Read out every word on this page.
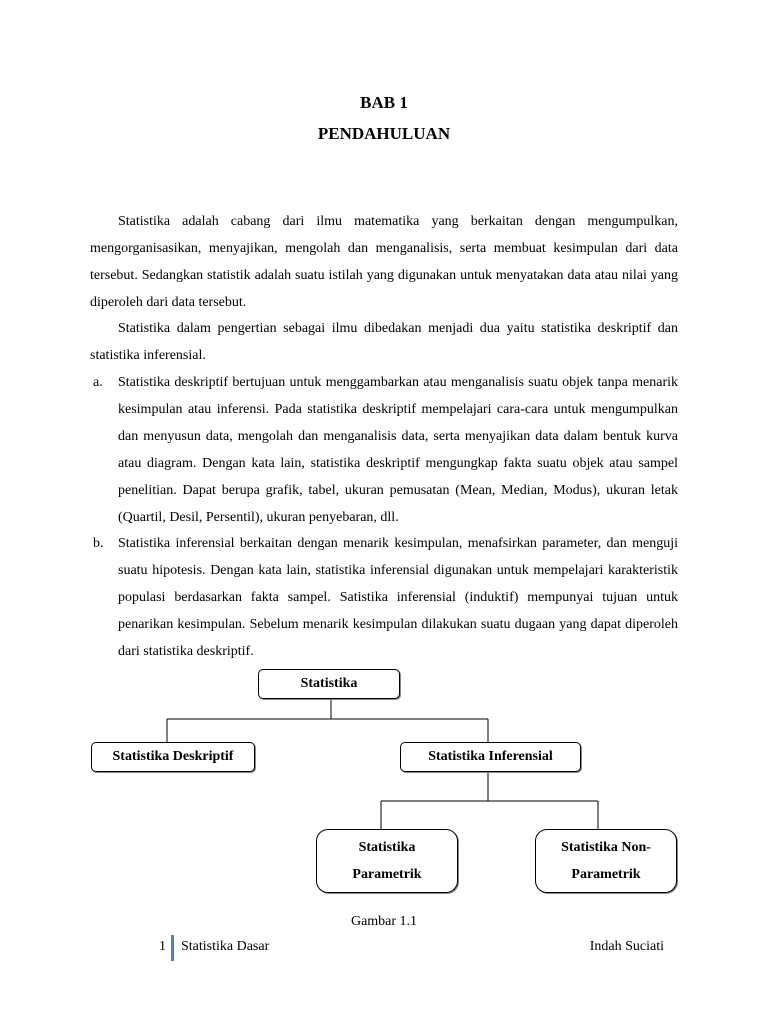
BAB 1
PENDAHULUAN

Statistika adalah cabang dari ilmu matematika yang berkaitan dengan mengumpulkan, mengorganisasikan, menyajikan, mengolah dan menganalisis, serta membuat kesimpulan dari data tersebut. Sedangkan statistik adalah suatu istilah yang digunakan untuk menyatakan data atau nilai yang diperoleh dari data tersebut.

Statistika dalam pengertian sebagai ilmu dibedakan menjadi dua yaitu statistika deskriptif dan statistika inferensial.

a. Statistika deskriptif bertujuan untuk menggambarkan atau menganalisis suatu objek tanpa menarik kesimpulan atau inferensi. Pada statistika deskriptif mempelajari cara-cara untuk mengumpulkan dan menyusun data, mengolah dan menganalisis data, serta menyajikan data dalam bentuk kurva atau diagram. Dengan kata lain, statistika deskriptif mengungkap fakta suatu objek atau sampel penelitian. Dapat berupa grafik, tabel, ukuran pemusatan (Mean, Median, Modus), ukuran letak (Quartil, Desil, Persentil), ukuran penyebaran, dll.
b. Statistika inferensial berkaitan dengan menarik kesimpulan, menafsirkan parameter, dan menguji suatu hipotesis. Dengan kata lain, statistika inferensial digunakan untuk mempelajari karakteristik populasi berdasarkan fakta sampel. Satistika inferensial (induktif) mempunyai tujuan untuk penarikan kesimpulan. Sebelum menarik kesimpulan dilakukan suatu dugaan yang dapat diperoleh dari statistika deskriptif.
Statistika
Statistika Deskriptif	Statistika Inferensial
Statistika
Parametrik
Statistika Non-
Parametrik
Gambar 1.1
1 Statistika Dasar	Indah Suciati
